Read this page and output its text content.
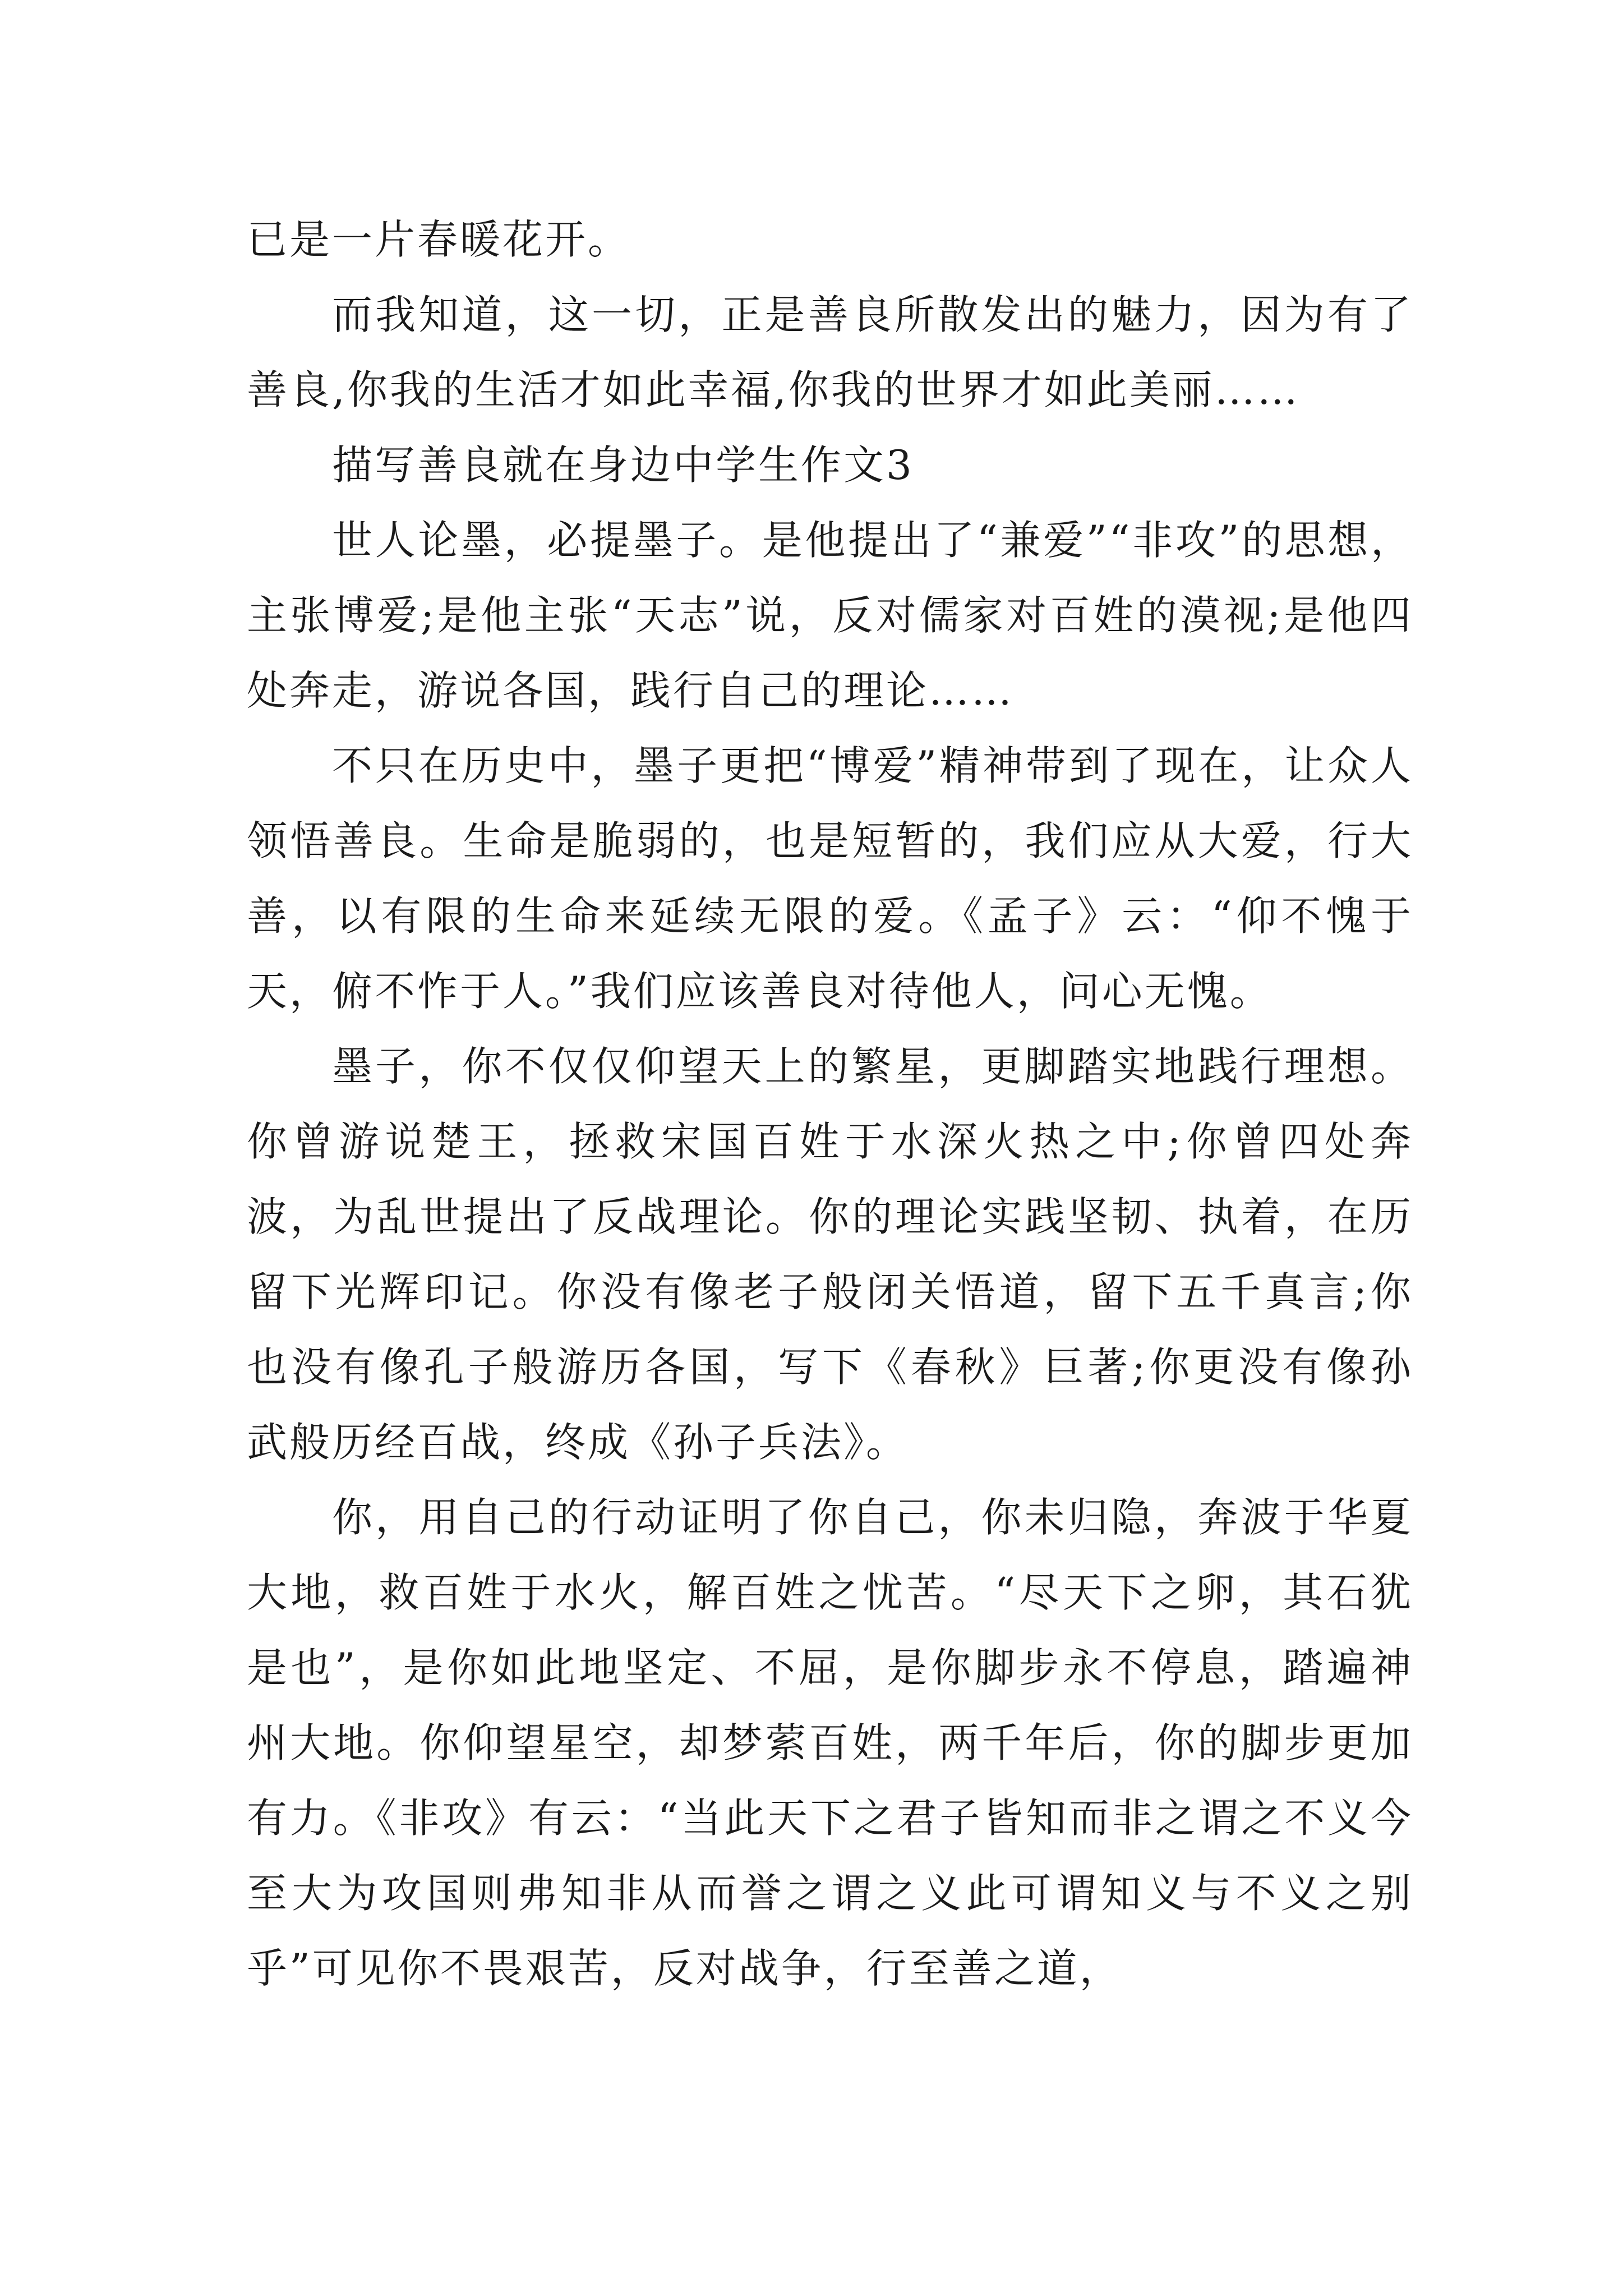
已是一片春暖花开。

而我知道，这一切，正是善良所散发出的魅力，因为有了善良,你我的生活才如此幸福,你我的世界才如此美丽……

描写善良就在身边中学生作文3

世人论墨，必提墨子。是他提出了“兼爱”“非攻”的思想，主张博爱;是他主张“天志”说，反对儒家对百姓的漠视;是他四处奔走，游说各国，践行自己的理论……

不只在历史中，墨子更把“博爱”精神带到了现在，让众人领悟善良。生命是脆弱的，也是短暂的，我们应从大爱，行大善，以有限的生命来延续无限的爱。《孟子》云：“仰不愧于天，俯不怍于人。”我们应该善良对待他人，问心无愧。

墨子，你不仅仅仰望天上的繁星，更脚踏实地践行理想。你曾游说楚王，拯救宋国百姓于水深火热之中;你曾四处奔波，为乱世提出了反战理论。你的理论实践坚韧、执着，在历留下光辉印记。你没有像老子般闭关悟道，留下五千真言;你也没有像孔子般游历各国，写下《春秋》巨著;你更没有像孙武般历经百战，终成《孙子兵法》。

你，用自己的行动证明了你自己，你未归隐，奔波于华夏大地，救百姓于水火，解百姓之忧苦。“尽天下之卵，其石犹是也”，是你如此地坚定、不屈，是你脚步永不停息，踏遍神州大地。你仰望星空，却梦萦百姓，两千年后，你的脚步更加有力。《非攻》有云：“当此天下之君子皆知而非之谓之不义今至大为攻国则弗知非从而誉之谓之义此可谓知义与不义之别乎”可见你不畏艰苦，反对战争，行至善之道，
